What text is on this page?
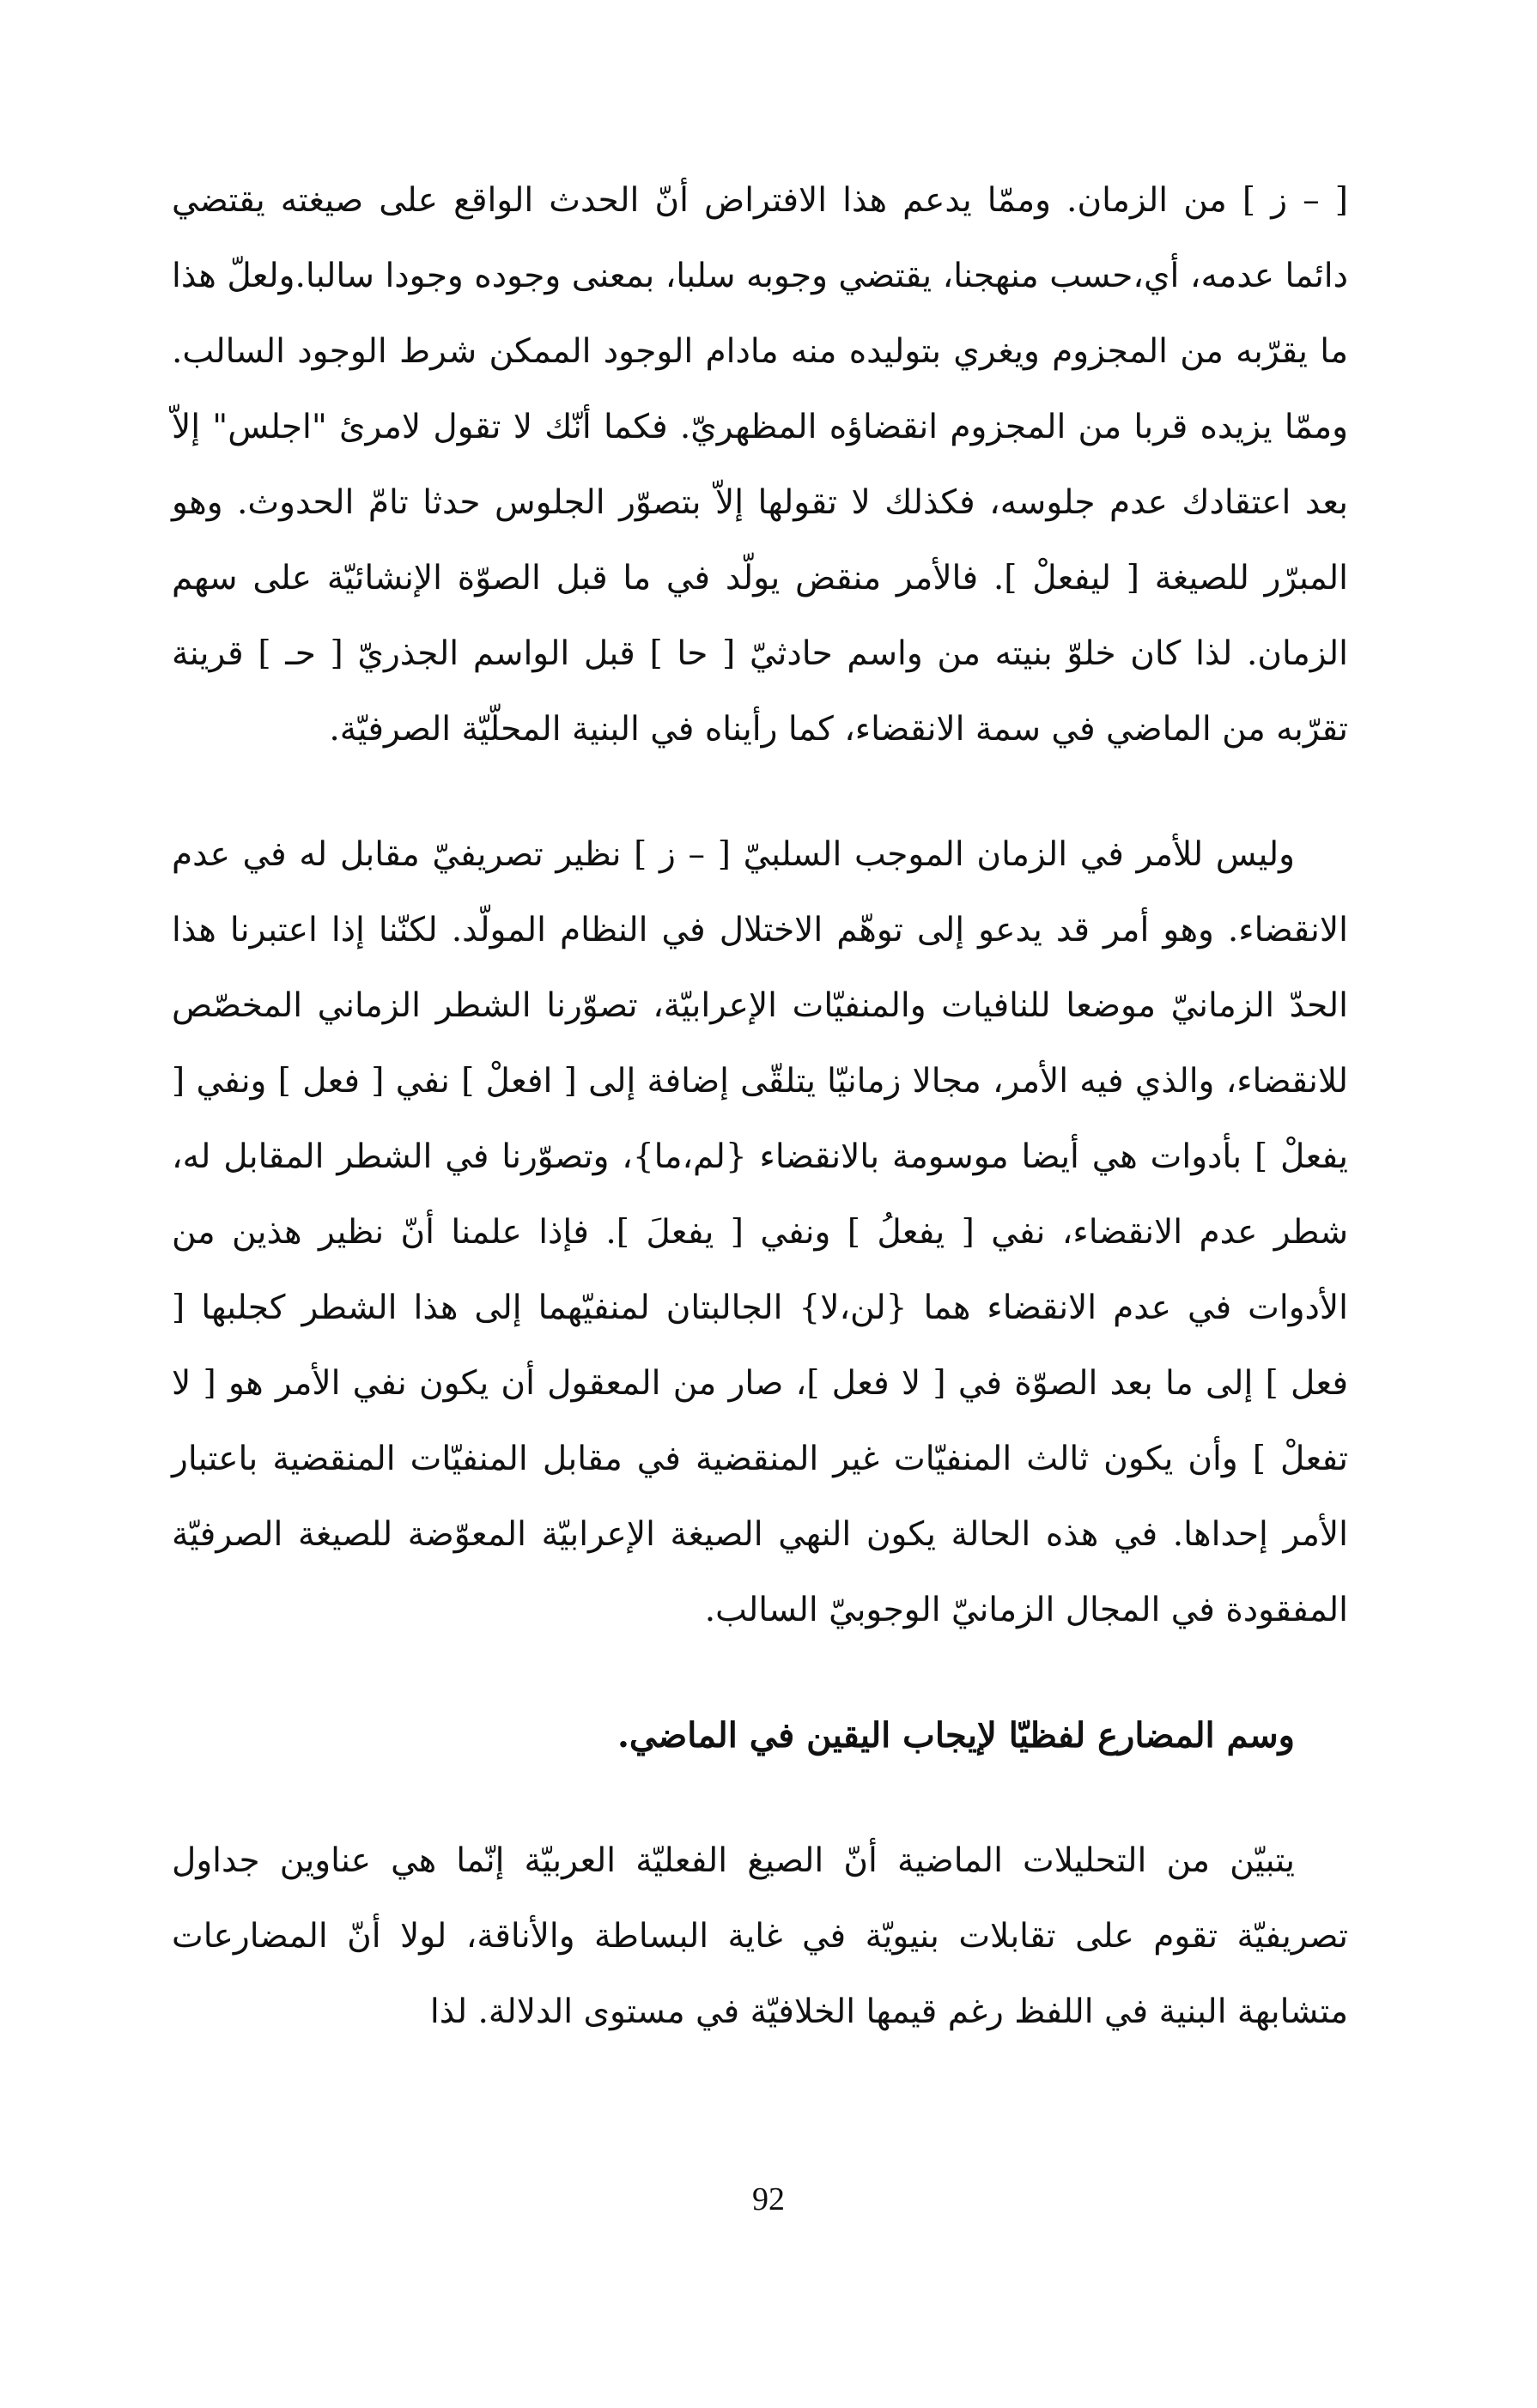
[ – ز ] من الزمان. وممّا يدعم هذا الافتراض أنّ الحدث الواقع على صيغته يقتضي دائما عدمه، أي،حسب منهجنا، يقتضي وجوبه سلبا، بمعنى وجوده وجودا سالبا.ولعلّ هذا ما يقرّبه من المجزوم ويغري بتوليده منه مادام الوجود الممكن شرط الوجود السالب. وممّا يزيده قربا من المجزوم انقضاؤه المظهريّ. فكما أنّك لا تقول لامرئ "اجلس" إلاّ بعد اعتقادك عدم جلوسه، فكذلك لا تقولها إلاّ بتصوّر الجلوس حدثا تامّ الحدوث. وهو المبرّر للصيغة [ ليفعلْ ]. فالأمر منقض يولّد في ما قبل الصوّة الإنشائيّة على سهم الزمان. لذا كان خلوّ بنيته من واسم حادثيّ [ حا ] قبل الواسم الجذريّ [ حـ ] قرينة تقرّبه من الماضي في سمة الانقضاء، كما رأيناه في البنية المحلّيّة الصرفيّة.

وليس للأمر في الزمان الموجب السلبيّ [ – ز ] نظير تصريفيّ مقابل له في عدم الانقضاء. وهو أمر قد يدعو إلى توهّم الاختلال في النظام المولّد. لكنّنا إذا اعتبرنا هذا الحدّ الزمانيّ موضعا للنافيات والمنفيّات الإعرابيّة، تصوّرنا الشطر الزماني المخصّص للانقضاء، والذي فيه الأمر، مجالا زمانيّا يتلقّى إضافة إلى [ افعلْ ] نفي [ فعل ] ونفي [ يفعلْ ] بأدوات هي أيضا موسومة بالانقضاء {لم،ما}، وتصوّرنا في الشطر المقابل له، شطر عدم الانقضاء، نفي [ يفعلُ ] ونفي [ يفعلَ ]. فإذا علمنا أنّ نظير هذين من الأدوات في عدم الانقضاء هما {لن،لا} الجالبتان لمنفيّهما إلى هذا الشطر كجلبها [ فعل ] إلى ما بعد الصوّة في [ لا فعل ]، صار من المعقول أن يكون نفي الأمر هو [ لا تفعلْ ] وأن يكون ثالث المنفيّات غير المنقضية في مقابل المنفيّات المنقضية باعتبار الأمر إحداها. في هذه الحالة يكون النهي الصيغة الإعرابيّة المعوّضة للصيغة الصرفيّة المفقودة في المجال الزمانيّ الوجوبيّ السالب.

وسم المضارع لفظيّا لإيجاب اليقين في الماضي.

يتبيّن من التحليلات الماضية أنّ الصيغ الفعليّة العربيّة إنّما هي عناوين جداول تصريفيّة تقوم على تقابلات بنيويّة في غاية البساطة والأناقة، لولا أنّ المضارعات متشابهة البنية في اللفظ رغم قيمها الخلافيّة في مستوى الدلالة. لذا

92
